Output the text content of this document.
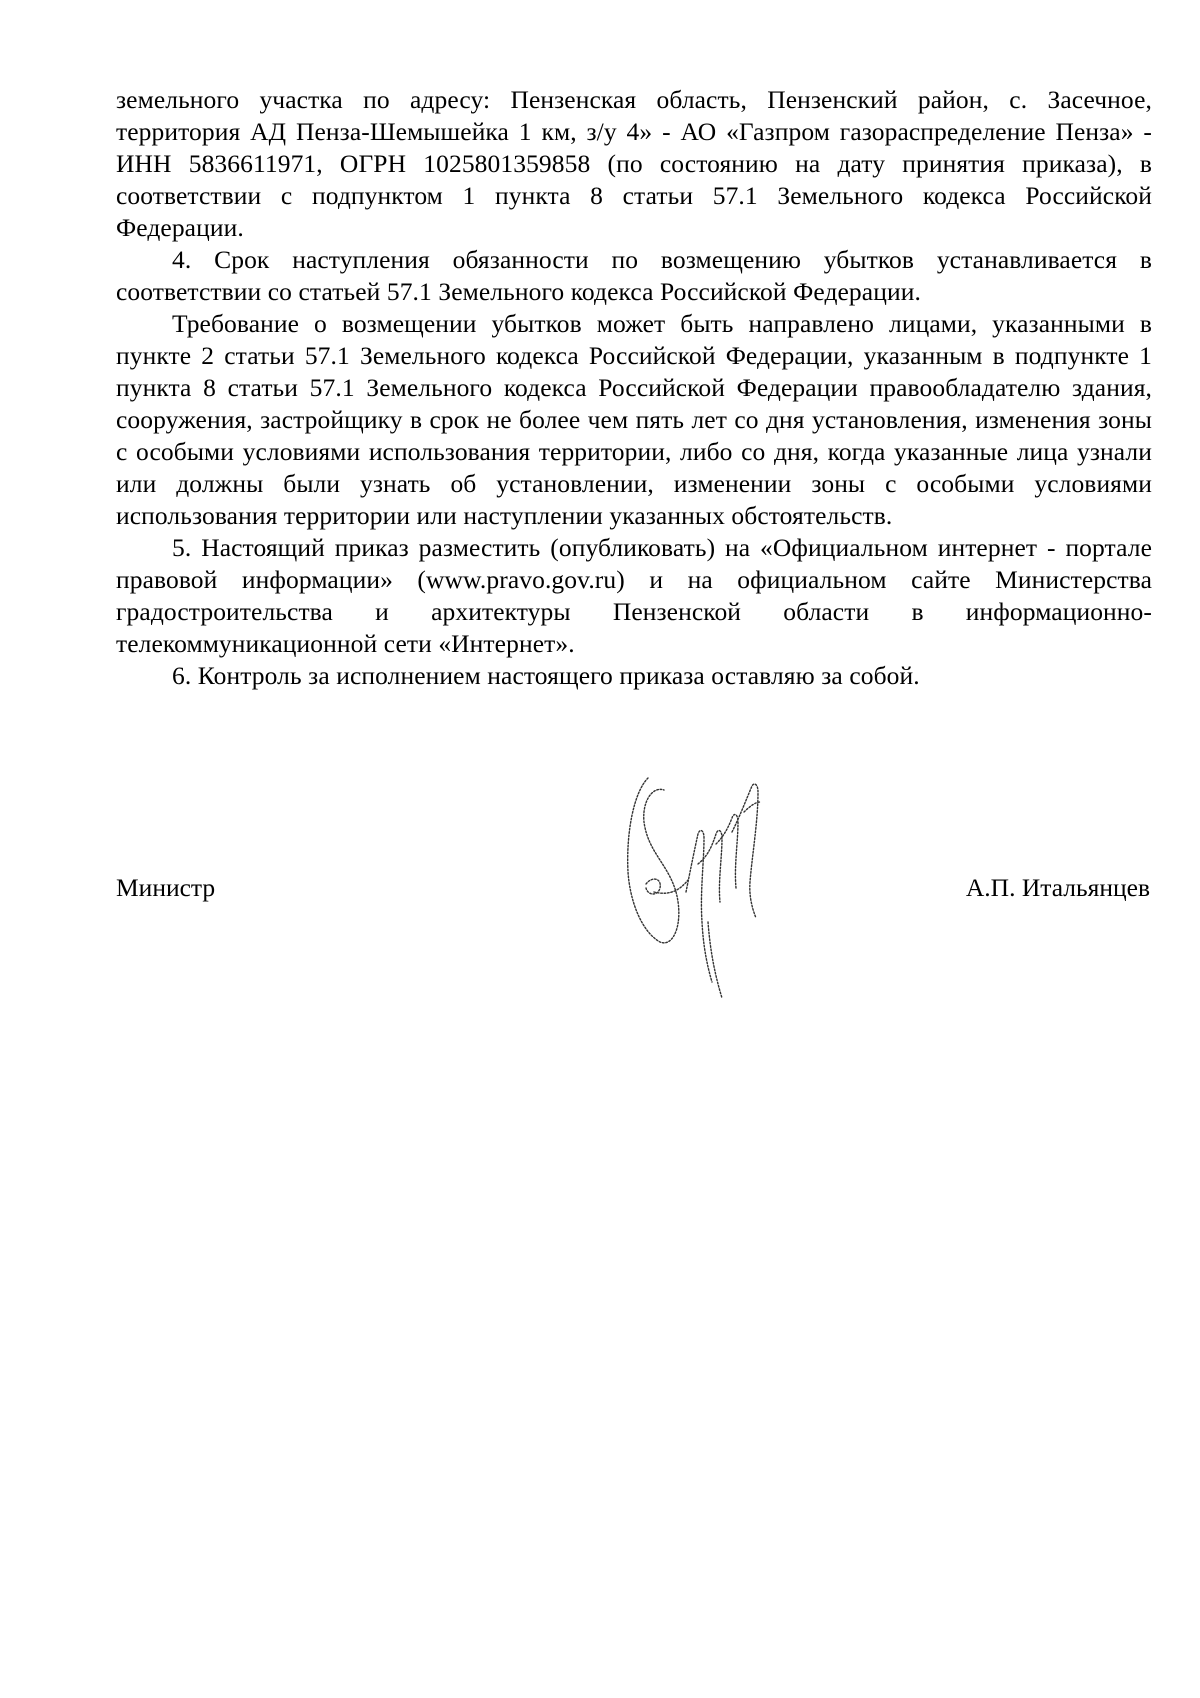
земельного участка по адресу: Пензенская область, Пензенский район, с. Засечное, территория АД Пенза-Шемышейка 1 км, з/у 4» - АО «Газпром газораспределение Пенза» - ИНН 5836611971, ОГРН 1025801359858 (по состоянию на дату принятия приказа), в соответствии с подпунктом 1 пункта 8 статьи 57.1 Земельного кодекса Российской Федерации.

4. Срок наступления обязанности по возмещению убытков устанавливается в соответствии со статьей 57.1 Земельного кодекса Российской Федерации.

Требование о возмещении убытков может быть направлено лицами, указанными в пункте 2 статьи 57.1 Земельного кодекса Российской Федерации, указанным в подпункте 1 пункта 8 статьи 57.1 Земельного кодекса Российской Федерации правообладателю здания, сооружения, застройщику в срок не более чем пять лет со дня установления, изменения зоны с особыми условиями использования территории, либо со дня, когда указанные лица узнали или должны были узнать об установлении, изменении зоны с особыми условиями использования территории или наступлении указанных обстоятельств.

5. Настоящий приказ разместить (опубликовать) на «Официальном интернет - портале правовой информации» (www.pravo.gov.ru) и на официальном сайте Министерства градостроительства и архитектуры Пензенской области в информационно-телекоммуникационной сети «Интернет».

6. Контроль за исполнением настоящего приказа оставляю за собой.

Министр	А.П. Итальянцев
